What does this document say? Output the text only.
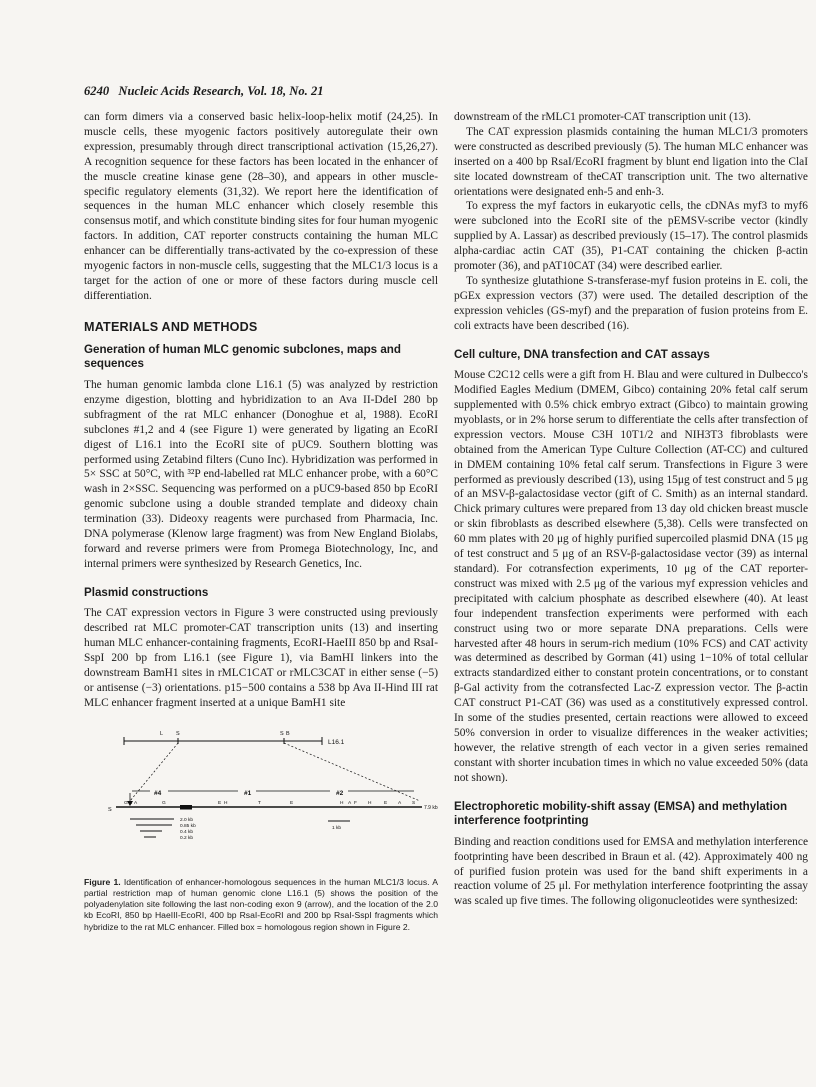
6240 Nucleic Acids Research, Vol. 18, No. 21

can form dimers via a conserved basic helix-loop-helix motif (24,25). In muscle cells, these myogenic factors positively autoregulate their own expression, presumably through direct transcriptional activation (15,26,27). A recognition sequence for these factors has been located in the enhancer of the muscle creatine kinase gene (28–30), and appears in other muscle-specific regulatory elements (31,32). We report here the identification of sequences in the human MLC enhancer which closely resemble this consensus motif, and which constitute binding sites for four human myogenic factors. In addition, CAT reporter constructs containing the human MLC enhancer can be differentially trans-activated by the co-expression of these myogenic factors in non-muscle cells, suggesting that the MLC1/3 locus is a target for the action of one or more of these factors during muscle cell differentiation.

MATERIALS AND METHODS
Generation of human MLC genomic subclones, maps and sequences

The human genomic lambda clone L16.1 (5) was analyzed by restriction enzyme digestion, blotting and hybridization to an Ava II-DdeI 280 bp subfragment of the rat MLC enhancer (Donoghue et al, 1988). EcoRI subclones #1,2 and 4 (see Figure 1) were generated by ligating an EcoRI digest of L16.1 into the EcoRI site of pUC9. Southern blotting was performed using Zetabind filters (Cuno Inc). Hybridization was performed in 5× SSC at 50°C, with ³²P end-labelled rat MLC enhancer probe, with a 60°C wash in 2×SSC. Sequencing was performed on a pUC9-based 850 bp EcoRI genomic subclone using a double stranded template and dideoxy chain termination (33). Dideoxy reagents were purchased from Pharmacia, Inc. DNA polymerase (Klenow large fragment) was from New England Biolabs, forward and reverse primers were from Promega Biotechnology, Inc, and internal primers were synthesized by Research Genetics, Inc.

Plasmid constructions

The CAT expression vectors in Figure 3 were constructed using previously described rat MLC promoter-CAT transcription units (13) and inserting human MLC enhancer-containing fragments, EcoRI-HaeIII 850 bp and RsaI-SspI 200 bp from L16.1 (see Figure 1), via BamHI linkers into the downstream BamH1 sites in rMLC1CAT or rMLC3CAT in either sense (−5) or antisense (−3) orientations. p15−500 contains a 538 bp Ava II-Hind III rat MLC enhancer fragment inserted at a unique BamH1 site

L S	S B
L16.1
#4	#1	#2
S
G E A	G	E H	T	E	H A F H	E A S
7.9 kb
1 kb
2.0 kb
0.85 kb
0.4 kb
0.2 kb

Figure 1. Identification of enhancer-homologous sequences in the human MLC1/3 locus. A partial restriction map of human genomic clone L16.1 (5) shows the position of the polyadenylation site following the last non-coding exon 9 (arrow), and the location of the 2.0 kb EcoRI, 850 bp HaeIII-EcoRI, 400 bp RsaI-EcoRI and 200 bp RsaI-SspI fragments which hybridize to the rat MLC enhancer. Filled box = homologous region shown in Figure 2.

downstream of the rMLC1 promoter-CAT transcription unit (13).

The CAT expression plasmids containing the human MLC1/3 promoters were constructed as described previously (5). The human MLC enhancer was inserted on a 400 bp RsaI/EcoRI fragment by blunt end ligation into the ClaI site located downstream of theCAT transcription unit. The two alternative orientations were designated enh-5 and enh-3.

To express the myf factors in eukaryotic cells, the cDNAs myf3 to myf6 were subcloned into the EcoRI site of the pEMSV-scribe vector (kindly supplied by A. Lassar) as described previously (15–17). The control plasmids alpha-cardiac actin CAT (35), P1-CAT containing the chicken β-actin promoter (36), and pAT10CAT (34) were described earlier.

To synthesize glutathione S-transferase-myf fusion proteins in E. coli, the pGEx expression vectors (37) were used. The detailed description of the expression vehicles (GS-myf) and the preparation of fusion proteins from E. coli extracts have been described (16).

Cell culture, DNA transfection and CAT assays

Mouse C2C12 cells were a gift from H. Blau and were cultured in Dulbecco's Modified Eagles Medium (DMEM, Gibco) containing 20% fetal calf serum supplemented with 0.5% chick embryo extract (Gibco) to maintain growing myoblasts, or in 2% horse serum to differentiate the cells after transfection of expression vectors. Mouse C3H 10T1/2 and NIH3T3 fibroblasts were obtained from the American Type Culture Collection (AT-CC) and cultured in DMEM containing 10% fetal calf serum. Transfections in Figure 3 were performed as previously described (13), using 15μg of test construct and 5 μg of an MSV-β-galactosidase vector (gift of C. Smith) as an internal standard. Chick primary cultures were prepared from 13 day old chicken breast muscle or skin fibroblasts as described elsewhere (5,38). Cells were transfected on 60 mm plates with 20 μg of highly purified supercoiled plasmid DNA (15 μg of test construct and 5 μg of an RSV-β-galactosidase vector (39) as internal standard). For cotransfection experiments, 10 μg of the CAT reporter-construct was mixed with 2.5 μg of the various myf expression vehicles and precipitated with calcium phosphate as described elsewhere (40). At least four independent transfection experiments were performed with each construct using two or more separate DNA preparations. Cells were harvested after 48 hours in serum-rich medium (10% FCS) and CAT activity was determined as described by Gorman (41) using 1−10% of total cellular extracts standardized either to constant protein concentrations, or to constant β-Gal activity from the cotransfected Lac-Z expression vector. The β-actin CAT construct P1-CAT (36) was used as a constitutively expressed control. In some of the studies presented, certain reactions were allowed to exceed 50% conversion in order to visualize differences in the weaker activities; however, the relative strength of each vector in a given series remained constant with shorter incubation times in which no value exceeded 50% (data not shown).

Electrophoretic mobility-shift assay (EMSA) and methylation interference footprinting

Binding and reaction conditions used for EMSA and methylation interference footprinting have been described in Braun et al. (42). Approximately 400 ng of purified fusion protein was used for the band shift experiments in a reaction volume of 25 μl. For methylation interference footprinting the assay was scaled up five times. The following oligonucleotides were synthesized:
